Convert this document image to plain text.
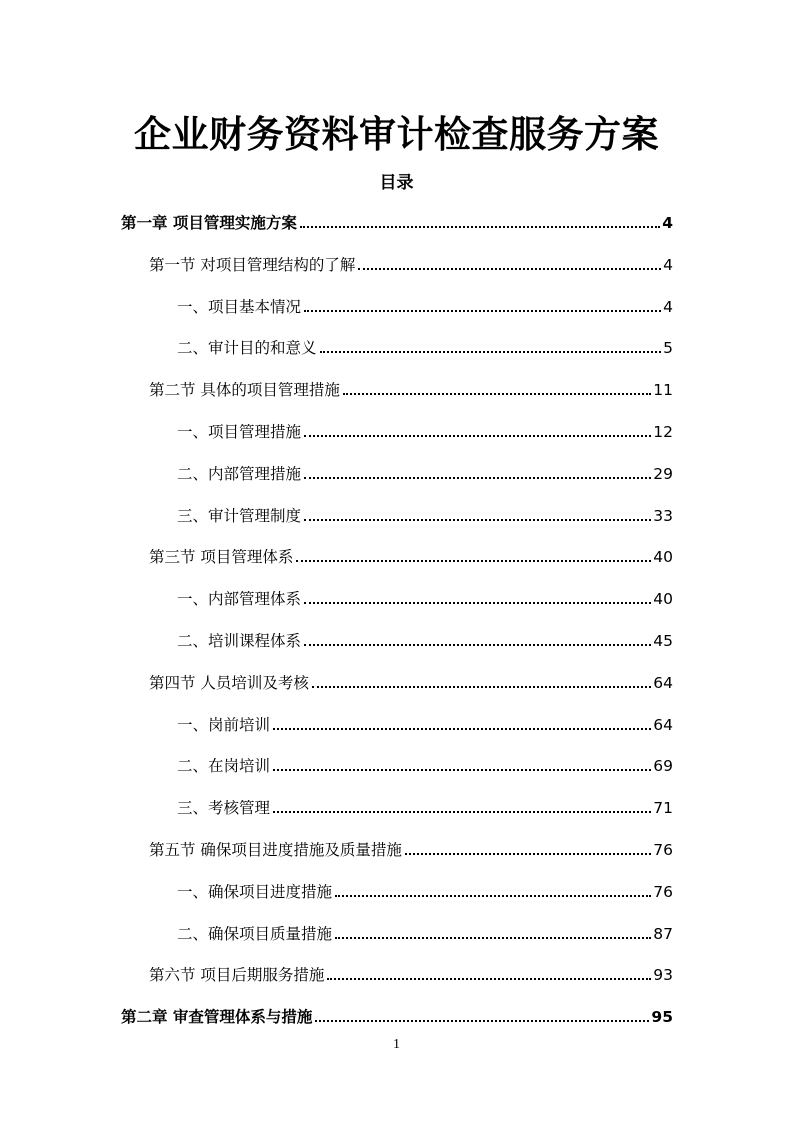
企业财务资料审计检查服务方案
目录
第一章 项目管理实施方案	4
第一节 对项目管理结构的了解	4
一、项目基本情况	4
二、审计目的和意义	5
第二节 具体的项目管理措施	11
一、项目管理措施	12
二、内部管理措施	29
三、审计管理制度	33
第三节 项目管理体系	40
一、内部管理体系	40
二、培训课程体系	45
第四节 人员培训及考核	64
一、岗前培训	64
二、在岗培训	69
三、考核管理	71
第五节 确保项目进度措施及质量措施	76
一、确保项目进度措施	76
二、确保项目质量措施	87
第六节 项目后期服务措施	93
第二章 审查管理体系与措施	95
1
